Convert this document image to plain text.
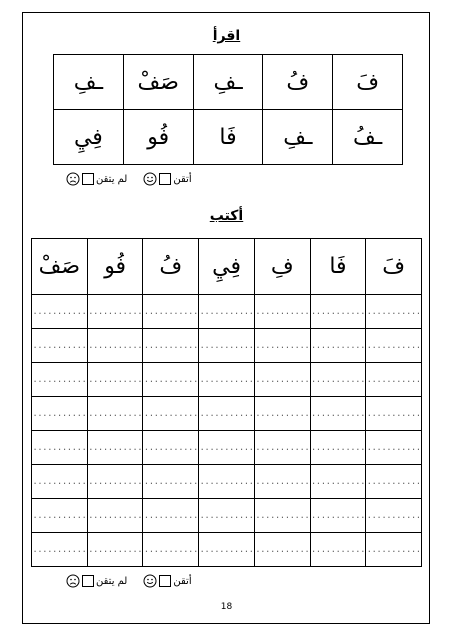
اقرأ
فَ	فُ	ـفِ	صَفْ	ـفِ
ـفُ	ـفِ	فَا	فُو	فِيِ
أتقن
لم يتقن
أكتب
فَ	فَا	فِ	فِيِ	فُ	فُو	صَفْ
...........	...........	...........	...........	...........	...........	...........
...........	...........	...........	...........	...........	...........	...........
...........	...........	...........	...........	...........	...........	...........
...........	...........	...........	...........	...........	...........	...........
...........	...........	...........	...........	...........	...........	...........
...........	...........	...........	...........	...........	...........	...........
...........	...........	...........	...........	...........	...........	...........
...........	...........	...........	...........	...........	...........	...........
أتقن
لم يتقن
18
